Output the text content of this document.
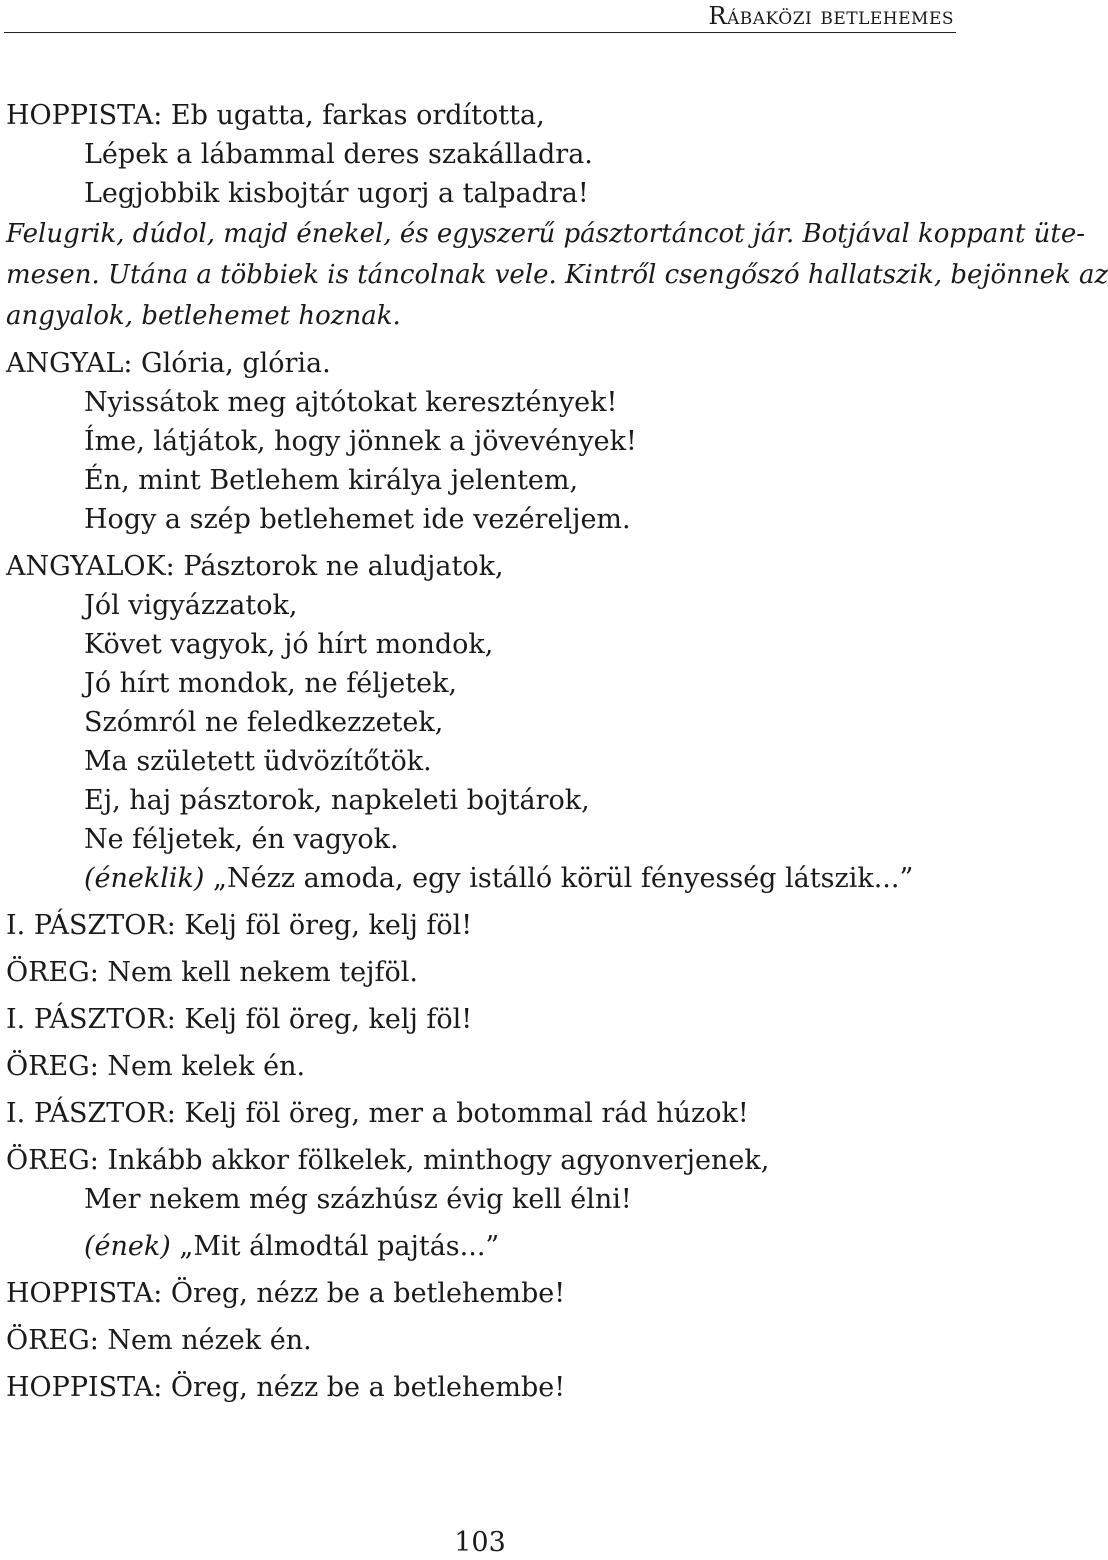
Rábaközi betlehemes
HOPPISTA: Eb ugatta, farkas ordította,
Lépek a lábammal deres szakálladra.
Legjobbik kisbojtár ugorj a talpadra!
Felugrik, dúdol, majd énekel, és egyszerű pásztortáncot jár. Botjával koppant üte-
mesen. Utána a többiek is táncolnak vele. Kintről csengőszó hallatszik, bejönnek az
angyalok, betlehemet hoznak.
ANGYAL: Glória, glória.
Nyissátok meg ajtótokat keresztények!
Íme, látjátok, hogy jönnek a jövevények!
Én, mint Betlehem királya jelentem,
Hogy a szép betlehemet ide vezéreljem.
ANGYALOK: Pásztorok ne aludjatok,
Jól vigyázzatok,
Követ vagyok, jó hírt mondok,
Jó hírt mondok, ne féljetek,
Szómról ne feledkezzetek,
Ma született üdvözítőtök.
Ej, haj pásztorok, napkeleti bojtárok,
Ne féljetek, én vagyok.
(éneklik) „Nézz amoda, egy istálló körül fényesség látszik...”
I. PÁSZTOR: Kelj föl öreg, kelj föl!
ÖREG: Nem kell nekem tejföl.
I. PÁSZTOR: Kelj föl öreg, kelj föl!
ÖREG: Nem kelek én.
I. PÁSZTOR: Kelj föl öreg, mer a botommal rád húzok!
ÖREG: Inkább akkor fölkelek, minthogy agyonverjenek,
Mer nekem még százhúsz évig kell élni!
(ének) „Mit álmodtál pajtás...”
HOPPISTA: Öreg, nézz be a betlehembe!
ÖREG: Nem nézek én.
HOPPISTA: Öreg, nézz be a betlehembe!
103
